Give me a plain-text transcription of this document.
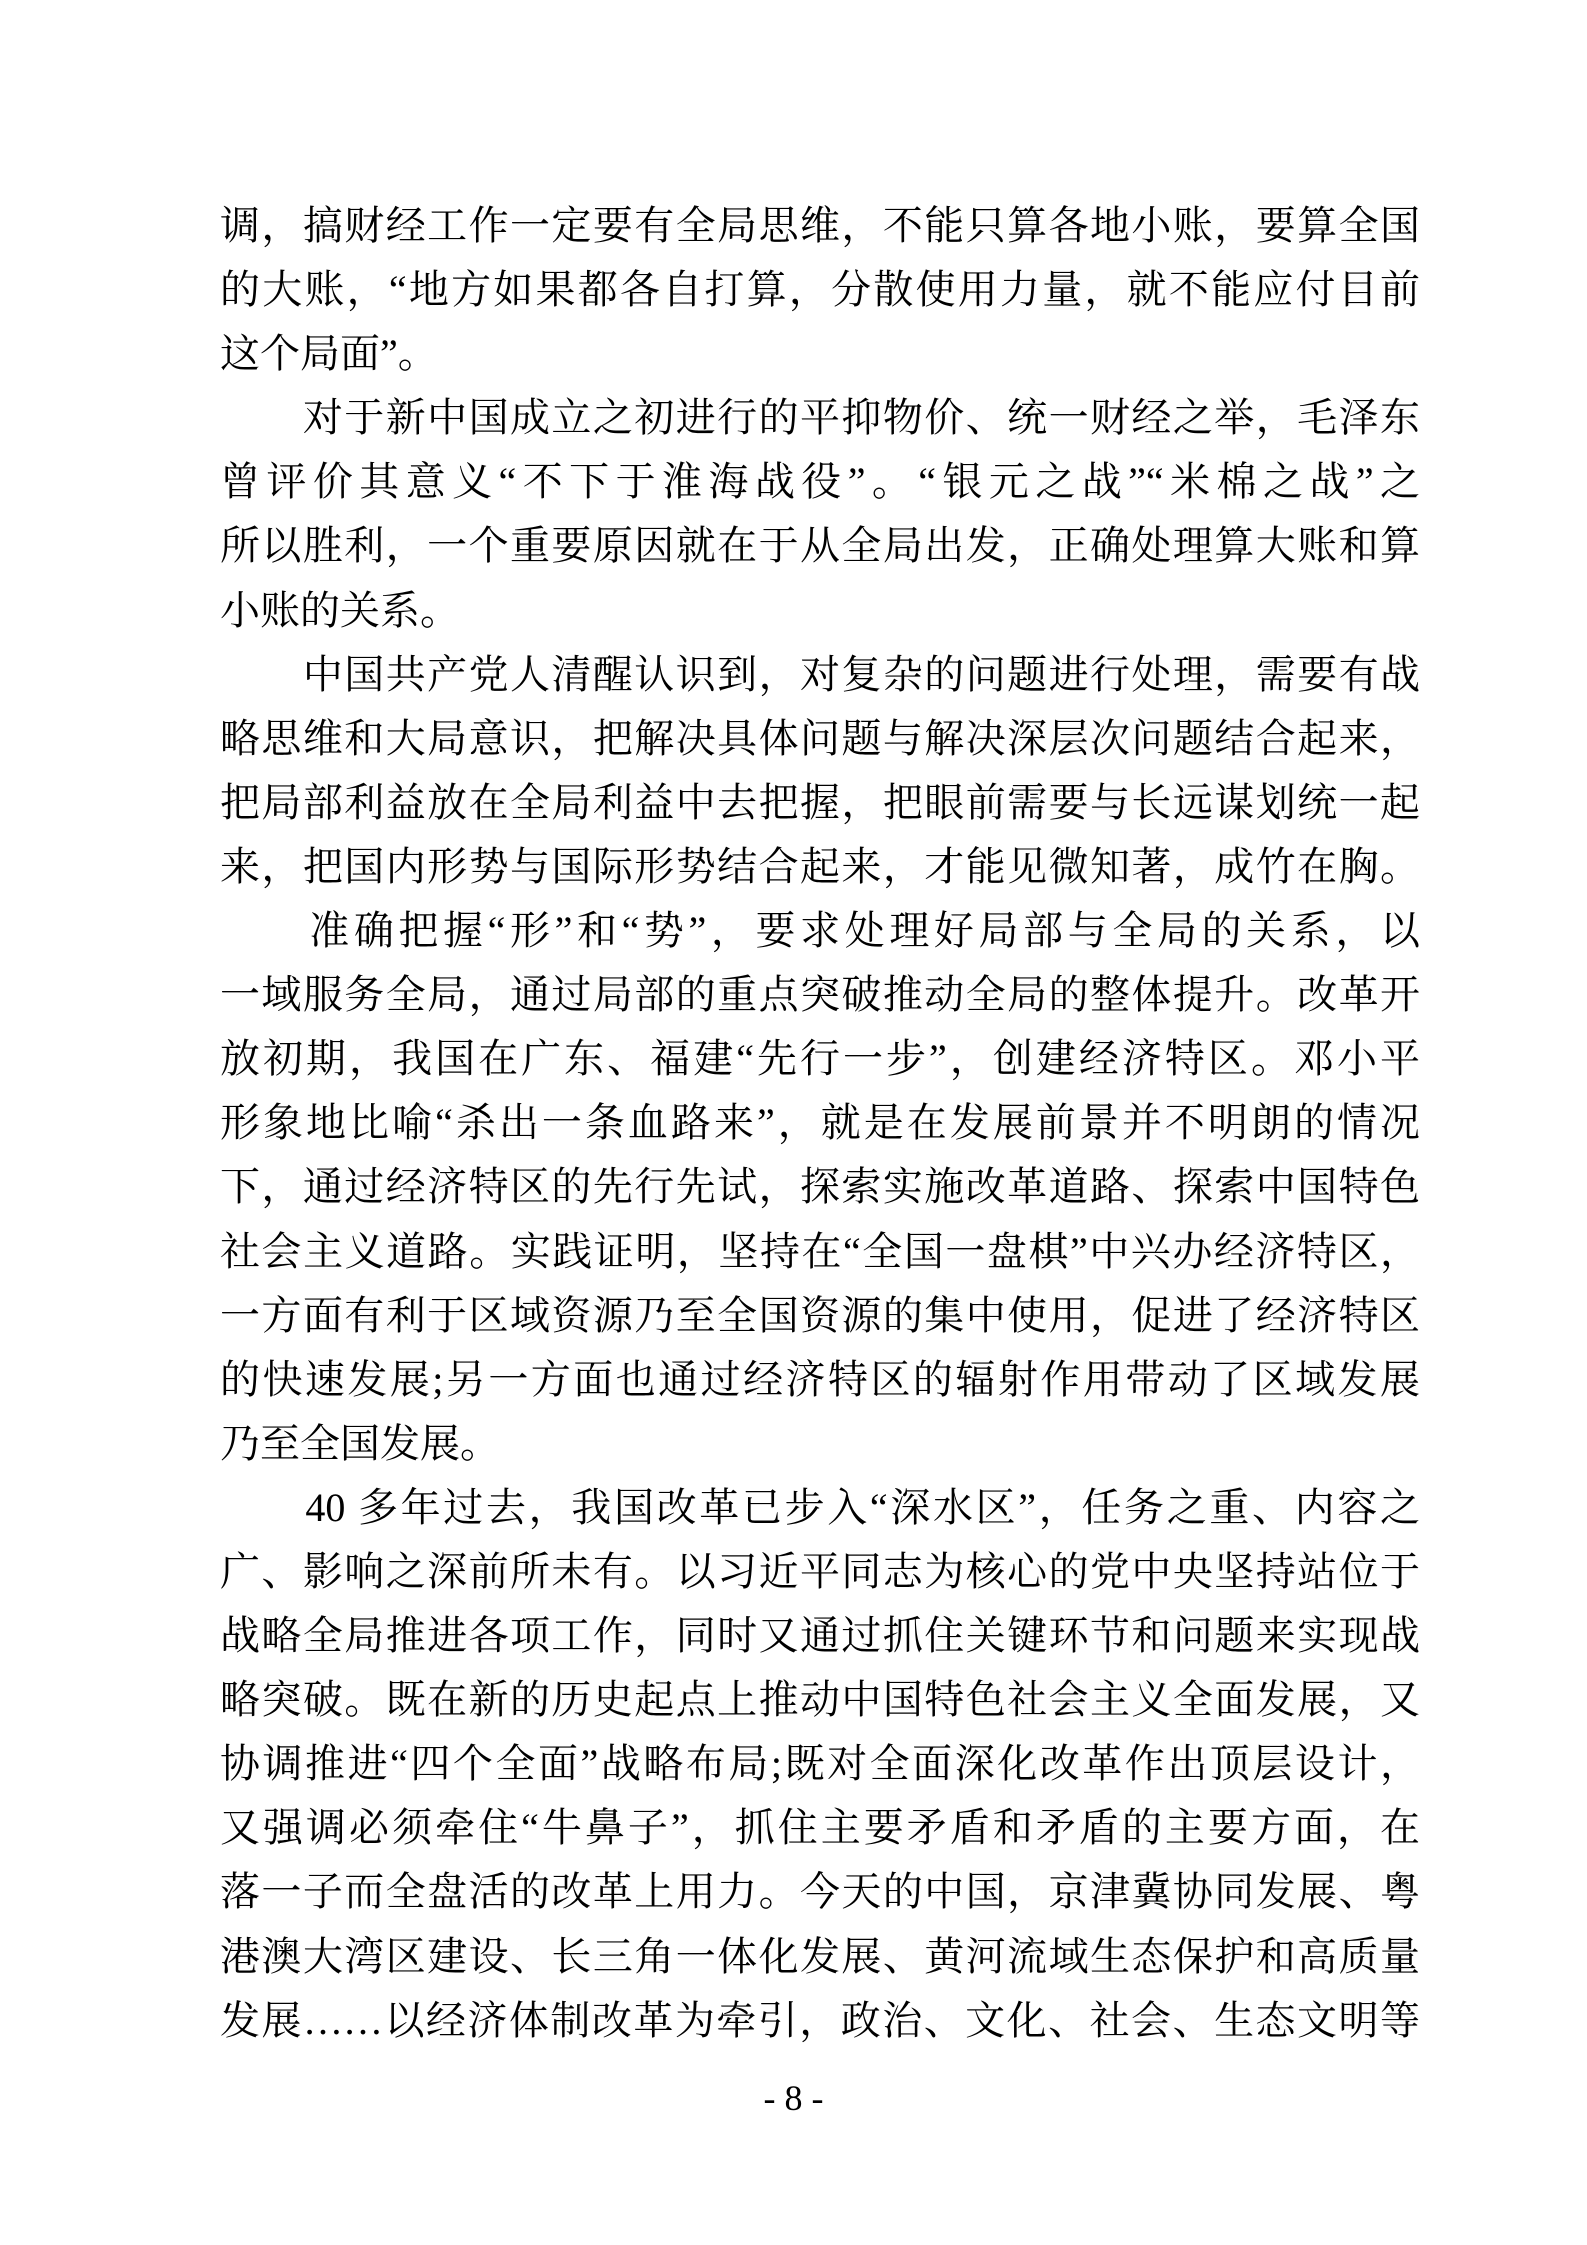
调，搞财经工作一定要有全局思维，不能只算各地小账，要算全国
的大账，“地方如果都各自打算，分散使用力量，就不能应付目前
这个局面”。
　　对于新中国成立之初进行的平抑物价、统一财经之举，毛泽东
曾评价其意义“不下于淮海战役”。“银元之战”“米棉之战”之
所以胜利，一个重要原因就在于从全局出发，正确处理算大账和算
小账的关系。
　　中国共产党人清醒认识到，对复杂的问题进行处理，需要有战
略思维和大局意识，把解决具体问题与解决深层次问题结合起来，
把局部利益放在全局利益中去把握，把眼前需要与长远谋划统一起
来，把国内形势与国际形势结合起来，才能见微知著，成竹在胸。
　　准确把握“形”和“势”，要求处理好局部与全局的关系，以
一域服务全局，通过局部的重点突破推动全局的整体提升。改革开
放初期，我国在广东、福建“先行一步”，创建经济特区。邓小平
形象地比喻“杀出一条血路来”，就是在发展前景并不明朗的情况
下，通过经济特区的先行先试，探索实施改革道路、探索中国特色
社会主义道路。实践证明，坚持在“全国一盘棋”中兴办经济特区，
一方面有利于区域资源乃至全国资源的集中使用，促进了经济特区
的快速发展;另一方面也通过经济特区的辐射作用带动了区域发展
乃至全国发展。
　　40 多年过去，我国改革已步入“深水区”，任务之重、内容之
广、影响之深前所未有。以习近平同志为核心的党中央坚持站位于
战略全局推进各项工作，同时又通过抓住关键环节和问题来实现战
略突破。既在新的历史起点上推动中国特色社会主义全面发展，又
协调推进“四个全面”战略布局;既对全面深化改革作出顶层设计，
又强调必须牵住“牛鼻子”，抓住主要矛盾和矛盾的主要方面，在
落一子而全盘活的改革上用力。今天的中国，京津冀协同发展、粤
港澳大湾区建设、长三角一体化发展、黄河流域生态保护和高质量
发展……以经济体制改革为牵引，政治、文化、社会、生态文明等
- 8 -
